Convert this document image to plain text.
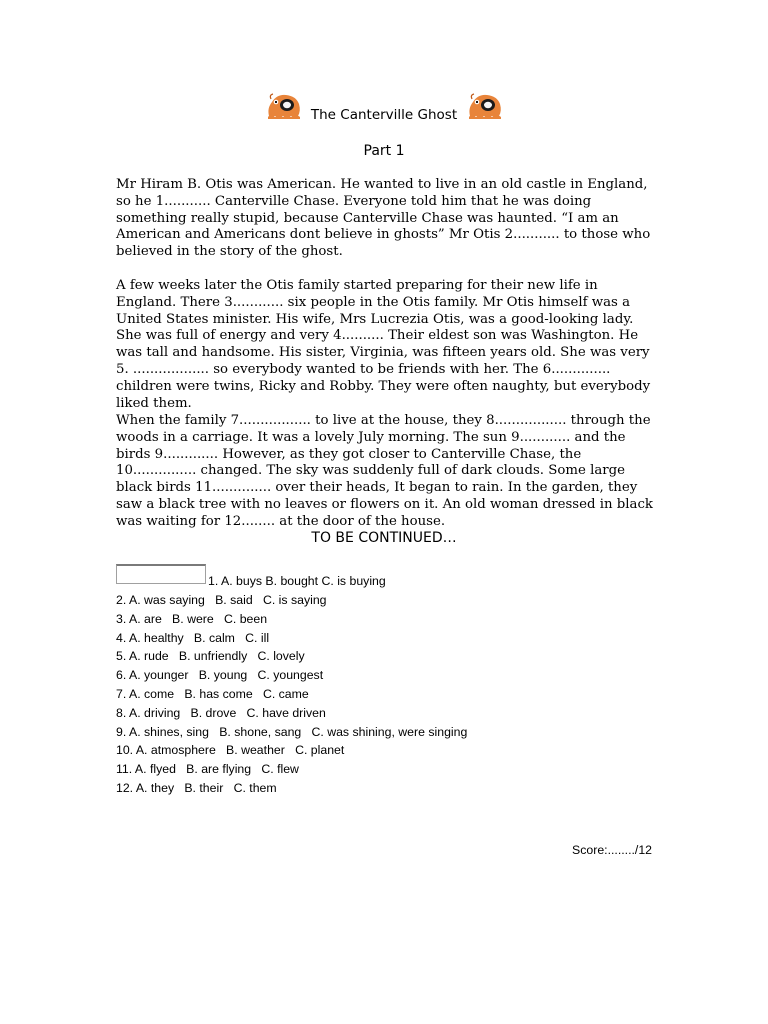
The Canterville Ghost
Part 1

Mr Hiram B. Otis was American. He wanted to live in an old castle in England, so he 1........... Canterville Chase. Everyone told him that he was doing something really stupid, because Canterville Chase was haunted. “I am an American and Americans dont believe in ghosts” Mr Otis 2........... to those who believed in the story of the ghost.

A few weeks later the Otis family started preparing for their new life in England. There 3............ six people in the Otis family. Mr Otis himself was a United States minister. His wife, Mrs Lucrezia Otis, was a good-looking lady. She was full of energy and very 4.......... Their eldest son was Washington. He was tall and handsome. His sister, Virginia, was fifteen years old. She was very 5. .................. so everybody wanted to be friends with her. The 6.............. children were twins, Ricky and Robby. They were often naughty, but everybody liked them.

When the family 7................. to live at the house, they 8................. through the woods in a carriage. It was a lovely July morning. The sun 9............ and the birds 9............. However, as they got closer to Canterville Chase, the 10............... changed. The sky was suddenly full of dark clouds. Some large black birds 11.............. over their heads, It began to rain. In the garden, they saw a black tree with no leaves or flowers on it. An old woman dressed in black was waiting for 12........ at the door of the house.

TO BE CONTINUED…
1. A. buys B. bought C. is buying
2. A. was saying   B. said   C. is saying
3. A. are   B. were   C. been
4. A. healthy   B. calm   C. ill
5. A. rude   B. unfriendly   C. lovely
6. A. younger   B. young   C. youngest
7. A. come   B. has come   C. came
8. A. driving   B. drove   C. have driven
9. A. shines, sing   B. shone, sang   C. was shining, were singing
10. A. atmosphere   B. weather   C. planet
11. A. flyed   B. are flying   C. flew
12. A. they   B. their   C. them
Score:......../12
